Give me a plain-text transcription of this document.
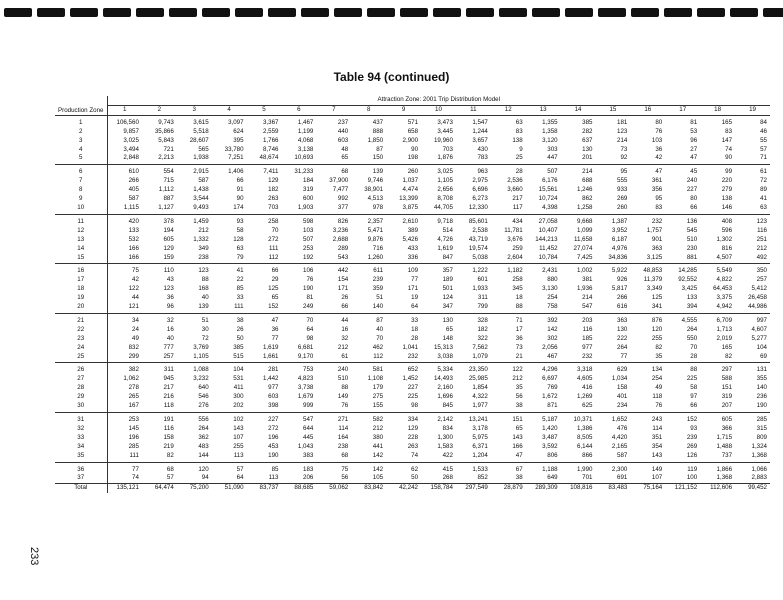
Table 94 (continued)
Production Zone	Attraction Zone: 2001 Trip Distribution Model																		
	1	2	3	4	5	6	7	8	9	10	11	12	13	14	15	16	17	18	19
1	106,560	9,743	3,615	3,097	3,367	1,467	237	437	571	3,473	1,547	63	1,355	385	181	80	81	165	84
2	9,857	35,866	5,518	624	2,559	1,199	440	888	658	3,445	1,244	83	1,358	282	123	76	53	83	46
3	3,025	5,843	28,607	395	1,766	4,068	603	1,850	2,900	19,960	3,657	138	3,120	637	214	103	96	147	55
4	3,494	721	565	33,780	8,746	3,138	48	87	90	703	430	9	303	130	73	36	27	74	57
5	2,848	2,213	1,938	7,251	48,674	10,693	65	150	198	1,876	783	25	447	201	92	42	47	90	71
6	610	554	2,915	1,406	7,411	31,233	68	139	260	3,025	963	28	507	214	95	47	45	99	61
7	266	715	587	66	129	184	37,900	9,746	1,037	1,105	2,975	2,536	6,176	688	555	361	240	220	72
8	405	1,112	1,438	91	182	319	7,477	38,901	4,474	2,656	6,696	3,660	15,561	1,246	933	356	227	279	89
9	587	887	3,544	90	263	600	992	4,513	13,399	8,708	6,273	217	10,724	862	269	95	80	138	41
10	1,115	1,127	9,493	174	703	1,903	377	978	3,875	44,705	12,330	117	4,398	1,258	260	83	66	146	63
11	420	378	1,459	93	258	598	826	2,357	2,610	9,718	85,601	434	27,058	9,668	1,387	232	136	408	123
12	133	194	212	58	70	103	3,236	5,471	389	514	2,538	11,781	10,407	1,099	3,952	1,757	545	596	116
13	532	605	1,332	128	272	507	2,688	9,876	5,426	4,726	43,719	3,676	144,213	11,658	6,187	901	510	1,302	251
14	166	129	349	63	111	253	289	716	433	1,619	19,574	259	11,452	27,074	4,976	363	230	816	212
15	166	159	238	79	112	192	543	1,260	336	847	5,038	2,604	10,784	7,425	34,836	3,125	881	4,507	492
16	75	110	123	41	66	106	442	611	109	357	1,222	1,182	2,431	1,002	5,922	48,853	14,285	5,549	350
17	42	43	88	22	29	76	154	239	77	189	601	258	880	381	926	11,379	92,552	4,822	257
18	122	123	168	85	125	190	171	359	171	501	1,933	345	3,130	1,936	5,817	3,349	3,425	64,453	5,412
19	44	36	40	33	65	81	26	51	19	124	311	18	254	214	266	125	133	3,375	26,458
20	121	96	139	111	152	249	66	140	64	347	799	88	758	547	616	341	394	4,942	44,986
21	34	32	51	38	47	70	44	87	33	130	328	71	392	203	363	876	4,555	6,709	997
22	24	16	30	26	36	64	16	40	18	65	182	17	142	116	130	120	264	1,713	4,607
23	49	40	72	50	77	98	32	70	28	148	322	36	302	185	222	255	550	2,019	5,277
24	832	777	3,769	385	1,619	6,681	212	462	1,041	15,313	7,562	73	2,056	977	264	82	70	165	104
25	299	257	1,105	515	1,661	9,170	61	112	232	3,038	1,079	21	467	232	77	35	28	82	69
26	382	311	1,088	104	281	753	240	581	652	5,334	23,350	122	4,296	3,318	629	134	88	297	131
27	1,062	945	3,232	531	1,442	4,823	510	1,108	1,452	14,493	25,985	212	6,697	4,605	1,034	254	225	588	355
28	278	217	640	411	977	3,738	88	179	227	2,160	1,854	35	769	416	158	49	58	151	140
29	265	216	546	300	603	1,679	149	275	225	1,696	4,322	56	1,672	1,269	401	118	97	319	236
30	167	118	276	202	398	999	76	155	98	845	1,977	38	871	625	234	76	66	207	190
31	253	191	556	102	227	547	271	582	334	2,142	13,241	151	5,187	10,371	1,652	243	152	605	285
32	145	116	264	143	272	644	114	212	129	834	3,178	65	1,420	1,386	476	114	93	366	315
33	196	158	362	107	196	445	164	380	228	1,300	5,975	143	3,487	8,505	4,420	351	239	1,715	809
34	285	219	483	255	453	1,043	238	441	263	1,583	6,371	166	3,592	6,144	2,165	354	269	1,488	1,324
35	111	82	144	113	190	383	68	142	74	422	1,204	47	806	866	587	143	126	737	1,368
36	77	68	120	57	85	183	75	142	62	415	1,533	67	1,188	1,990	2,300	149	119	1,866	1,066
37	74	57	94	64	113	206	56	105	50	268	852	38	649	701	691	107	100	1,368	2,883
Total	135,121	64,474	75,200	51,090	83,737	88,685	59,062	83,842	42,242	158,784	297,549	28,879	289,309	108,816	83,483	75,164	121,152	112,606	99,452
233
